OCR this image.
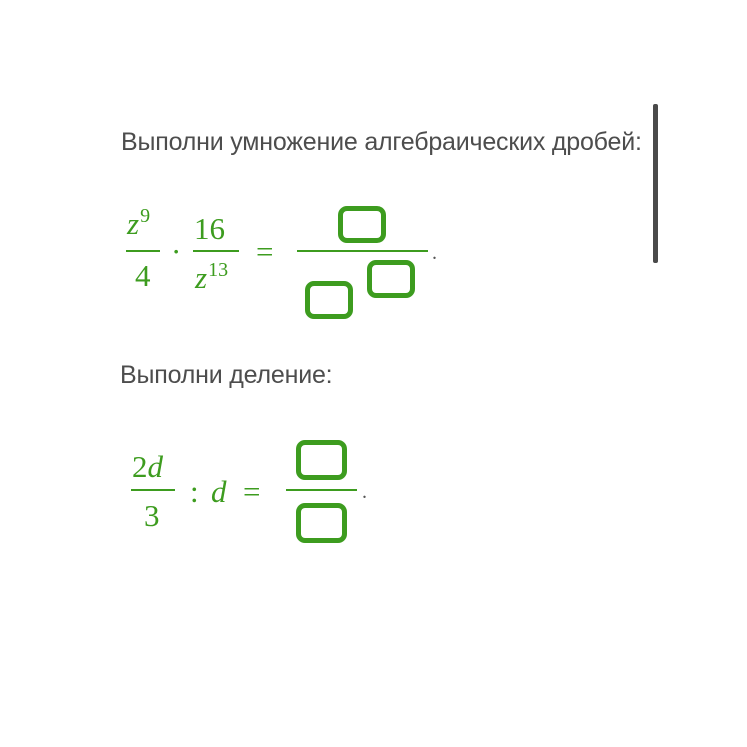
Выполни умножение алгебраических дробей:
$z^9$
4
·
16
$z^{13}$
=	.
Выполни деление:
2d
3
: d =	.
